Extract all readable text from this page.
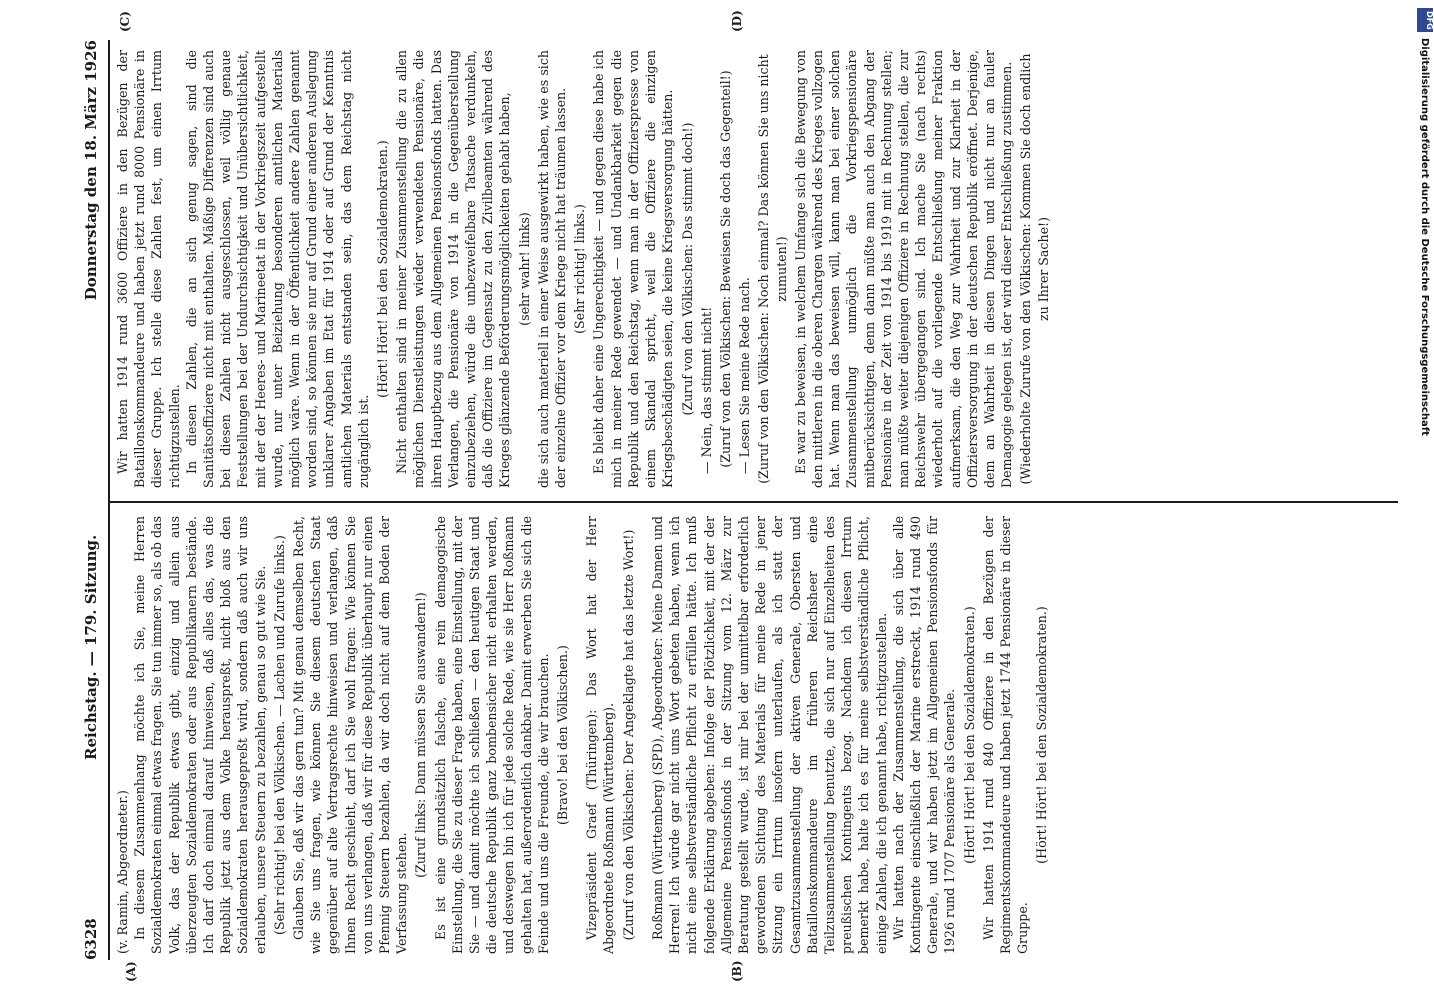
6328
Reichstag. — 179. Sitzung.
Donnerstag den 18. März 1926
(A)	(B)
(C)	(D)

(v. Ramin, Abgeordneter.) In diesem Zusammenhang möchte ich Sie, meine Herren Sozialdemokraten einmal etwas fragen. Sie tun immer so, als ob das Volk, das der Republik etwas gibt, einzig und allein aus überzeugten Sozialdemokraten oder aus Republikanern bestände. Ich darf doch einmal darauf hinweisen, daß alles das, was die Republik jetzt aus dem Volke herauspreßt, nicht bloß aus den Sozialdemokraten herausgepreßt wird, sondern daß auch wir uns erlauben, unsere Steuern zu bezahlen, genau so gut wie Sie. (Sehr richtig! bei den Völkischen. — Lachen und Zurufe links.) Glauben Sie, daß wir das gern tun? Mit genau demselben Recht, wie Sie uns fragen, wie können Sie diesem deutschen Staat gegenüber auf alte Vertragsrechte hinweisen und verlangen, daß Ihnen Recht geschieht, darf ich Sie wohl fragen: Wie können Sie von uns verlangen, daß wir für diese Republik überhaupt nur einen Pfennig Steuern bezahlen, da wir doch nicht auf dem Boden der Verfassung stehen.

(Zuruf links: Dann müssen Sie auswandern!) Es ist eine grundsätzlich falsche, eine rein demagogische Einstellung, die Sie zu dieser Frage haben, eine Einstellung, mit der Sie — und damit möchte ich schließen — den heutigen Staat und die deutsche Republik ganz bombensicher nicht erhalten werden, und deswegen bin ich für jede solche Rede, wie sie Herr Roßmann gehalten hat, außerordentlich dankbar. Damit erwerben Sie sich die Feinde und uns die Freunde, die wir brauchen. (Bravo! bei den Völkischen.) Vizepräsident Graef (Thüringen): Das Wort hat der Herr Abgeordnete Roßmann (Württemberg). (Zuruf von den Völkischen: Der Angeklagte hat das letzte Wort!) Roßmann (Württemberg) (SPD), Abgeordneter: Meine Damen und Herren! Ich würde gar nicht ums Wort gebeten haben, wenn ich nicht eine selbstverständliche Pflicht zu erfüllen hätte. Ich muß folgende Erklärung abgeben: Infolge der Plötzlichkeit, mit der der Allgemeine Pensionsfonds in der Sitzung vom 12. März zur Beratung gestellt wurde, ist mir bei der unmittelbar erforderlich gewordenen Sichtung des Materials für meine Rede in jener Sitzung ein Irrtum insofern unterlaufen, als ich statt der Gesamtzusammenstellung der aktiven Generale, Obersten und Bataillonskommandeure im früheren Reichsheer eine Teilzusammenstellung benutzte, die sich nur auf Einzelheiten des preußischen Kontingents bezog. Nachdem ich diesen Irrtum bemerkt habe, halte ich es für meine selbstverständliche Pflicht, einige Zahlen, die ich genannt habe, richtigzustellen. Wir hatten nach der Zusammenstellung, die sich über alle Kontingente einschließlich der Marine erstreckt, 1914 rund 490 Generale, und wir haben jetzt im Allgemeinen Pensionsfonds für 1926 rund 1707 Pensionäre als Generale. (Hört! Hört! bei den Sozialdemokraten.) Wir hatten 1914 rund 840 Offiziere in den Bezügen der Regimentskommandeure und haben jetzt 1744 Pensionäre in dieser Gruppe.

(Hört! Hört! bei den Sozialdemokraten.)

Wir hatten 1914 rund 3600 Offiziere in den Bezügen der Bataillonskommandeure und haben jetzt rund 8000 Pensionäre in dieser Gruppe. Ich stelle diese Zahlen fest, um einen Irrtum richtigzustellen. In diesen Zahlen, die an sich genug sagen, sind die Sanitätsoffiziere nicht mit enthalten. Mäßige Differenzen sind auch bei diesen Zahlen nicht ausgeschlossen, weil völlig genaue Feststellungen bei der Undurchsichtigkeit und Unübersichtlichkeit, mit der der Heeres- und Marineetat in der Vorkriegszeit aufgestellt wurde, nur unter Beiziehung besonderen amtlichen Materials möglich wäre. Wenn in der Öffentlichkeit andere Zahlen genannt worden sind, so können sie nur auf Grund einer anderen Auslegung unklarer Angaben im Etat für 1914 oder auf Grund der Kenntnis amtlichen Materials entstanden sein, das dem Reichstag nicht zugänglich ist.

(Hört! Hört! bei den Sozialdemokraten.) Nicht enthalten sind in meiner Zusammenstellung die zu allen möglichen Dienstleistungen wieder verwendeten Pensionäre, die ihren Hauptbezug aus dem Allgemeinen Pensionsfonds hatten. Das Verlangen, die Pensionäre von 1914 in die Gegenüberstellung einzubeziehen, würde die unbezweifelbare Tatsache verdunkeln, daß die Offiziere im Gegensatz zu den Zivilbeamten während des Krieges glänzende Beförderungsmöglichkeiten gehabt haben, (sehr wahr! links) die sich auch materiell in einer Weise ausgewirkt haben, wie es sich der einzelne Offizier vor dem Kriege nicht hat träumen lassen. (Sehr richtig! links.) Es bleibt daher eine Ungerechtigkeit — und gegen diese habe ich mich in meiner Rede gewendet — und Undankbarkeit gegen die Republik und den Reichstag, wenn man in der Offizierspresse von einem Skandal spricht, weil die Offiziere die einzigen Kriegsbeschädigten seien, die keine Kriegsversorgung hätten. (Zuruf von den Völkischen: Das stimmt doch!) — Nein, das stimmt nicht! (Zuruf von den Völkischen: Beweisen Sie doch das Gegenteil!) — Lesen Sie meine Rede nach. (Zuruf von den Völkischen: Noch einmal? Das können Sie uns nicht zumuten!) Es war zu beweisen, in welchem Umfange sich die Bewegung von den mittleren in die oberen Chargen während des Krieges vollzogen hat. Wenn man das beweisen will, kann man bei einer solchen Zusammenstellung unmöglich die Vorkriegspensionäre mitberücksichtigen, denn dann müßte man auch den Abgang der Pensionäre in der Zeit von 1914 bis 1919 mit in Rechnung stellen; man müßte weiter diejenigen Offiziere in Rechnung stellen, die zur Reichswehr übergegangen sind. Ich mache Sie (nach rechts) wiederholt auf die vorliegende Entschließung meiner Fraktion aufmerksam, die den Weg zur Wahrheit und zur Klarheit in der Offiziersversorgung in der deutschen Republik eröffnet. Derjenige, dem an Wahrheit in diesen Dingen und nicht nur an fauler Demagogie gelegen ist, der wird dieser Entschließung zustimmen. (Wiederholte Zurufe von den Völkischen: Kommen Sie doch endlich zu Ihrer Sache!)

DFG
Digitalisierung gefördert durch die Deutsche Forschungsgemeinschaft
